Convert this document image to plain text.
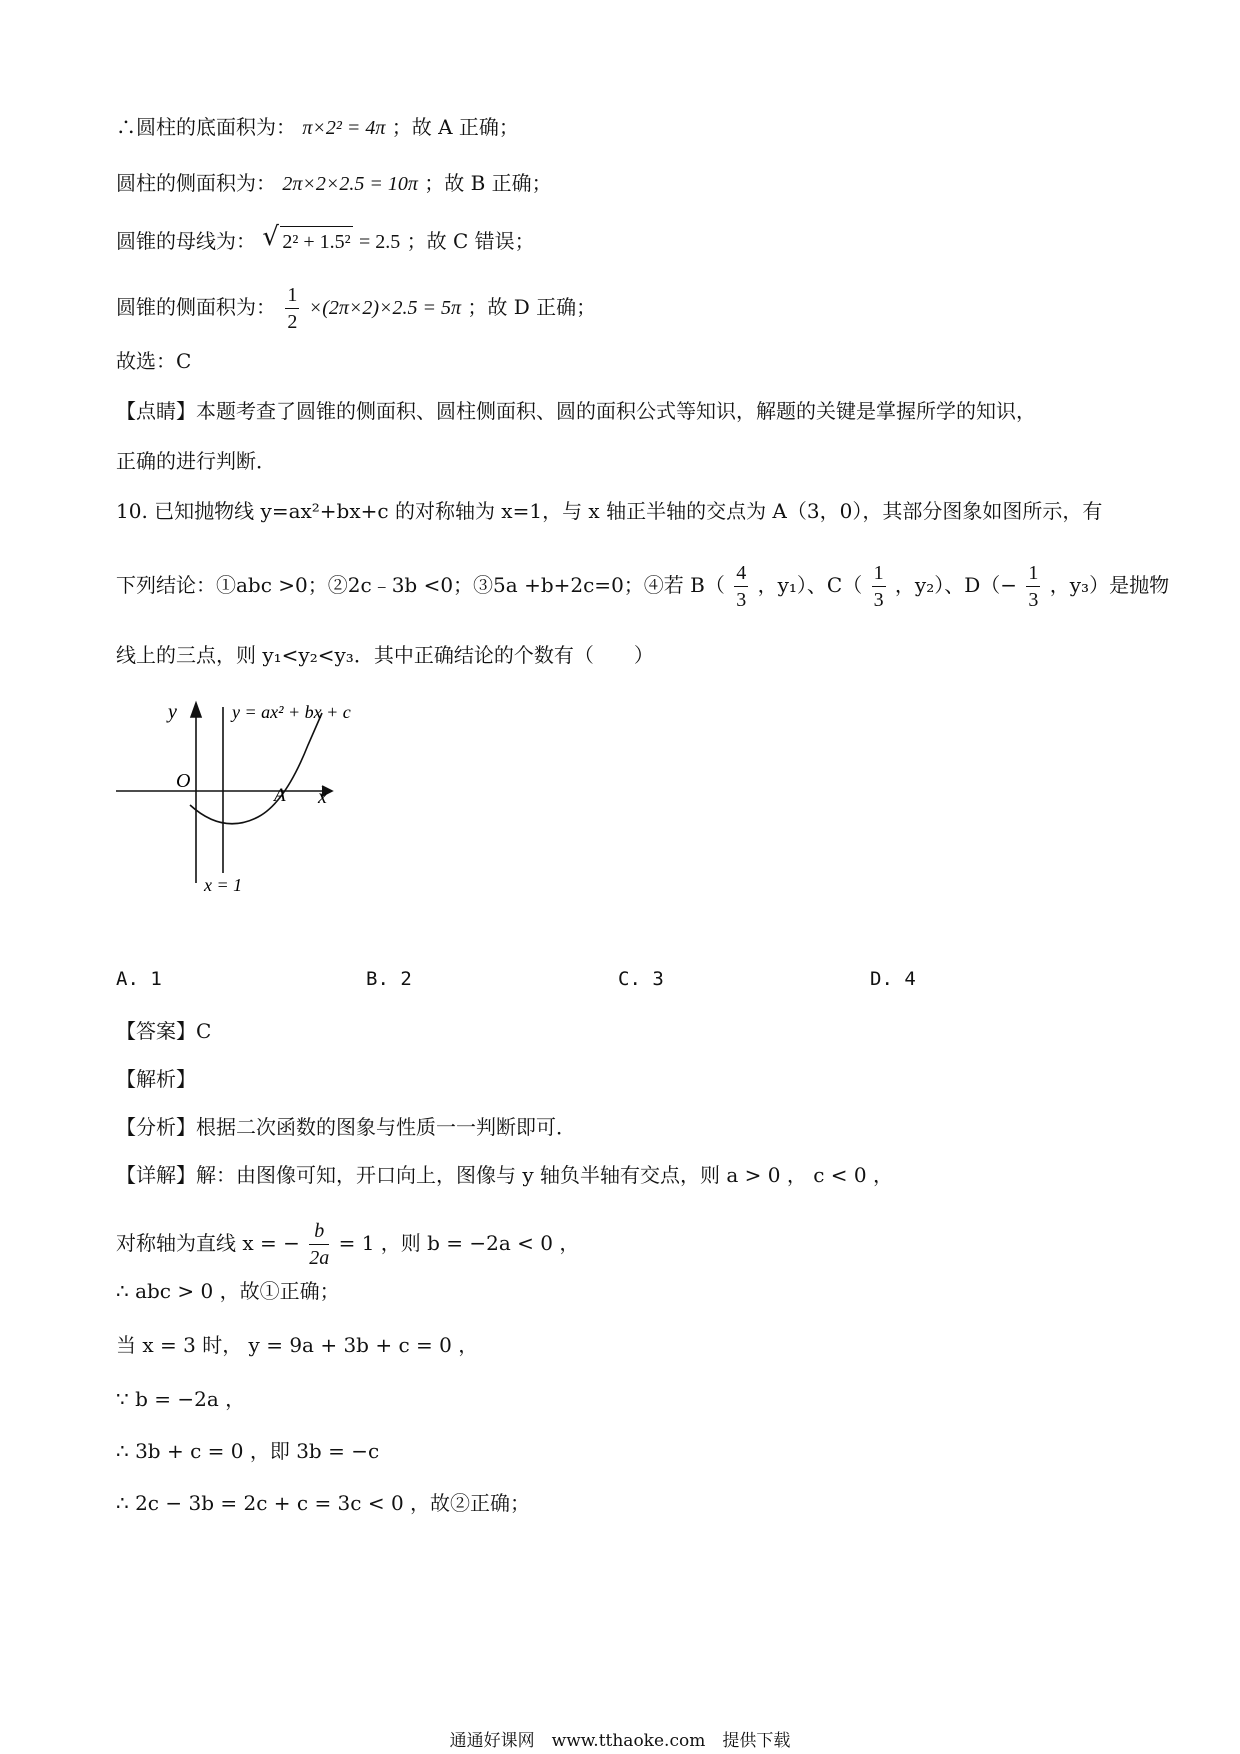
∴圆柱的底面积为： π×2² = 4π ；故 A 正确；
圆柱的侧面积为： 2π×2×2.5 = 10π ；故 B 正确；
圆锥的母线为： √ 2² + 1.5² = 2.5 ；故 C 错误；
圆锥的侧面积为： $\frac{1}{2} \times(2\pi\times 2)\times 2.5 = 5\pi$ ；故 D 正确；
故选：C
【点睛】本题考查了圆锥的侧面积、圆柱侧面积、圆的面积公式等知识，解题的关键是掌握所学的知识，
正确的进行判断．
10. 已知抛物线 y=ax²+bx+c 的对称轴为 x=1，与 x 轴正半轴的交点为 A（3，0），其部分图象如图所示，有
下列结论：①abc >0；②2c﹣3b <0；③5a +b+2c=0；④若 $B( \frac{4}{3}$ ，y₁）、$C( \frac{1}{3}$ ，y₂）、$D(- \frac{1}{3}$ ，y₃）是抛物
线上的三点，则 y₁<y₂<y₃．其中正确结论的个数有（　　）
y	y = ax² + bx + c
O
A x
x = 1
A. 1	B. 2	C. 3	D. 4
【答案】C
【解析】
【分析】根据二次函数的图象与性质一一判断即可．
【详解】解：由图像可知，开口向上，图像与 y 轴负半轴有交点，则 a > 0 ， c < 0 ，
对称轴为直线 x = − $\frac{b}{2a} = 1$ ，则 b = −2a < 0 ，
∴ abc > 0 ，故①正确；
当 x = 3 时， y = 9a + 3b + c = 0 ，
∵ b = −2a ，
∴ 3b + c = 0 ，即 3b = −c
∴ 2c − 3b = 2c + c = 3c < 0 ，故②正确；
通通好课网　www.tthaoke.com　提供下载
